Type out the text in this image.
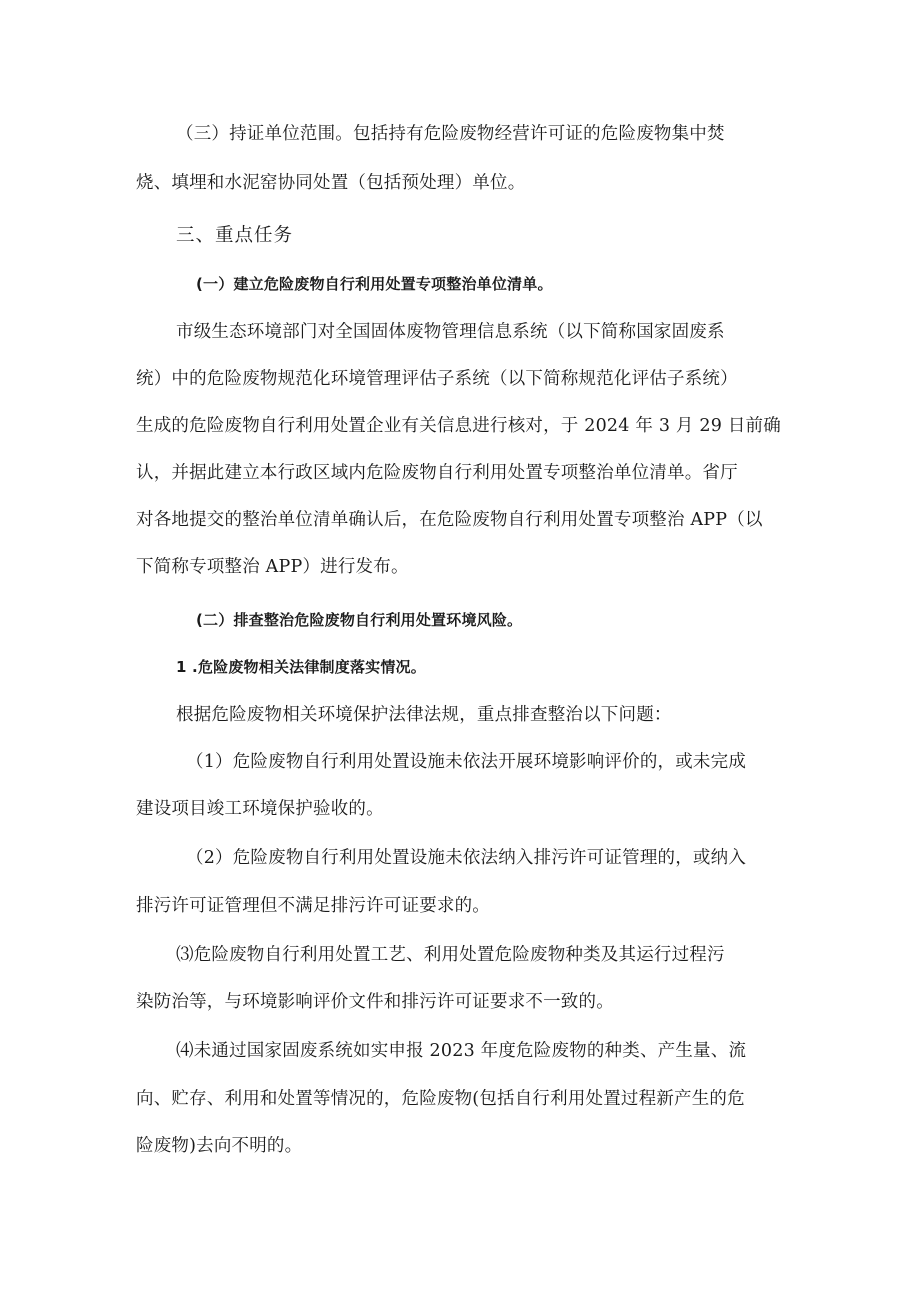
（三）持证单位范围。包括持有危险废物经营许可证的危险废物集中焚
烧、填埋和水泥窑协同处置（包括预处理）单位。
三、重点任务
(一）建立危险废物自行利用处置专项整治单位清单。
市级生态环境部门对全国固体废物管理信息系统（以下简称国家固废系
统）中的危险废物规范化环境管理评估子系统（以下简称规范化评估子系统）
生成的危险废物自行利用处置企业有关信息进行核对，于 2024 年 3 月 29 日前确
认，并据此建立本行政区域内危险废物自行利用处置专项整治单位清单。省厅
对各地提交的整治单位清单确认后，在危险废物自行利用处置专项整治 APP（以
下简称专项整治 APP）进行发布。
(二）排查整治危险废物自行利用处置环境风险。
1 .危险废物相关法律制度落实情况。
根据危险废物相关环境保护法律法规，重点排查整治以下问题：
（1）危险废物自行利用处置设施未依法开展环境影响评价的，或未完成
建设项目竣工环境保护验收的。
（2）危险废物自行利用处置设施未依法纳入排污许可证管理的，或纳入
排污许可证管理但不满足排污许可证要求的。
⑶危险废物自行利用处置工艺、利用处置危险废物种类及其运行过程污
染防治等，与环境影响评价文件和排污许可证要求不一致的。
⑷未通过国家固废系统如实申报 2023 年度危险废物的种类、产生量、流
向、贮存、利用和处置等情况的，危险废物(包括自行利用处置过程新产生的危
险废物)去向不明的。
